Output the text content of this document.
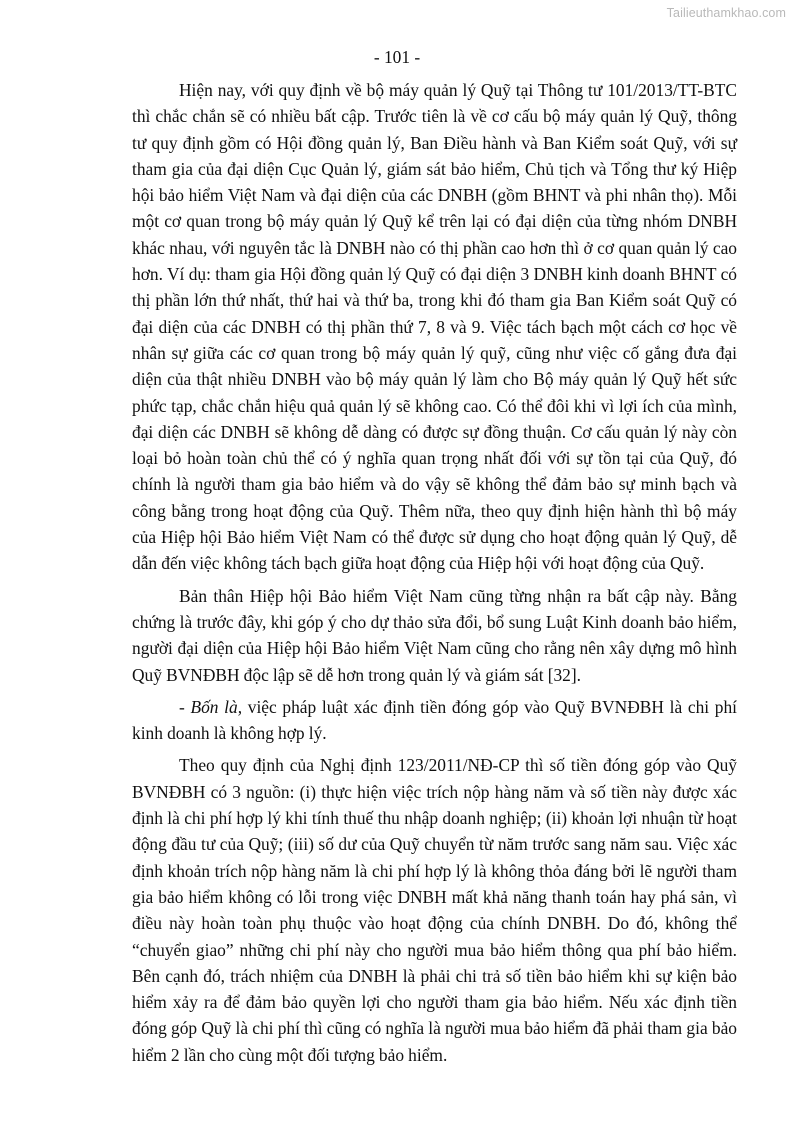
Tailieuthamkhao.com
- 101 -

Hiện nay, với quy định về bộ máy quản lý Quỹ tại Thông tư 101/2013/TT-BTC thì chắc chắn sẽ có nhiều bất cập. Trước tiên là về cơ cấu bộ máy quản lý Quỹ, thông tư quy định gồm có Hội đồng quản lý, Ban Điều hành và Ban Kiểm soát Quỹ, với sự tham gia của đại diện Cục Quản lý, giám sát bảo hiểm, Chủ tịch và Tổng thư ký Hiệp hội bảo hiểm Việt Nam và đại diện của các DNBH (gồm BHNT và phi nhân thọ). Mỗi một cơ quan trong bộ máy quản lý Quỹ kể trên lại có đại diện của từng nhóm DNBH khác nhau, với nguyên tắc là DNBH nào có thị phần cao hơn thì ở cơ quan quản lý cao hơn. Ví dụ: tham gia Hội đồng quản lý Quỹ có đại diện 3 DNBH kinh doanh BHNT có thị phần lớn thứ nhất, thứ hai và thứ ba, trong khi đó tham gia Ban Kiểm soát Quỹ có đại diện của các DNBH có thị phần thứ 7, 8 và 9. Việc tách bạch một cách cơ học về nhân sự giữa các cơ quan trong bộ máy quản lý quỹ, cũng như việc cố gắng đưa đại diện của thật nhiều DNBH vào bộ máy quản lý làm cho Bộ máy quản lý Quỹ hết sức phức tạp, chắc chắn hiệu quả quản lý sẽ không cao. Có thể đôi khi vì lợi ích của mình, đại diện các DNBH sẽ không dễ dàng có được sự đồng thuận. Cơ cấu quản lý này còn loại bỏ hoàn toàn chủ thể có ý nghĩa quan trọng nhất đối với sự tồn tại của Quỹ, đó chính là người tham gia bảo hiểm và do vậy sẽ không thể đảm bảo sự minh bạch và công bằng trong hoạt động của Quỹ. Thêm nữa, theo quy định hiện hành thì bộ máy của Hiệp hội Bảo hiểm Việt Nam có thể được sử dụng cho hoạt động quản lý Quỹ, dễ dẫn đến việc không tách bạch giữa hoạt động của Hiệp hội với hoạt động của Quỹ.

Bản thân Hiệp hội Bảo hiểm Việt Nam cũng từng nhận ra bất cập này. Bằng chứng là trước đây, khi góp ý cho dự thảo sửa đổi, bổ sung Luật Kinh doanh bảo hiểm, người đại diện của Hiệp hội Bảo hiểm Việt Nam cũng cho rằng nên xây dựng mô hình Quỹ BVNĐBH độc lập sẽ dễ hơn trong quản lý và giám sát [32].

- Bốn là, việc pháp luật xác định tiền đóng góp vào Quỹ BVNĐBH là chi phí kinh doanh là không hợp lý.

Theo quy định của Nghị định 123/2011/NĐ-CP thì số tiền đóng góp vào Quỹ BVNĐBH có 3 nguồn: (i) thực hiện việc trích nộp hàng năm và số tiền này được xác định là chi phí hợp lý khi tính thuế thu nhập doanh nghiệp; (ii) khoản lợi nhuận từ hoạt động đầu tư của Quỹ; (iii) số dư của Quỹ chuyển từ năm trước sang năm sau. Việc xác định khoản trích nộp hàng năm là chi phí hợp lý là không thỏa đáng bởi lẽ người tham gia bảo hiểm không có lỗi trong việc DNBH mất khả năng thanh toán hay phá sản, vì điều này hoàn toàn phụ thuộc vào hoạt động của chính DNBH. Do đó, không thể “chuyển giao” những chi phí này cho người mua bảo hiểm thông qua phí bảo hiểm. Bên cạnh đó, trách nhiệm của DNBH là phải chi trả số tiền bảo hiểm khi sự kiện bảo hiểm xảy ra để đảm bảo quyền lợi cho người tham gia bảo hiểm. Nếu xác định tiền đóng góp Quỹ là chi phí thì cũng có nghĩa là người mua bảo hiểm đã phải tham gia bảo hiểm 2 lần cho cùng một đối tượng bảo hiểm.
